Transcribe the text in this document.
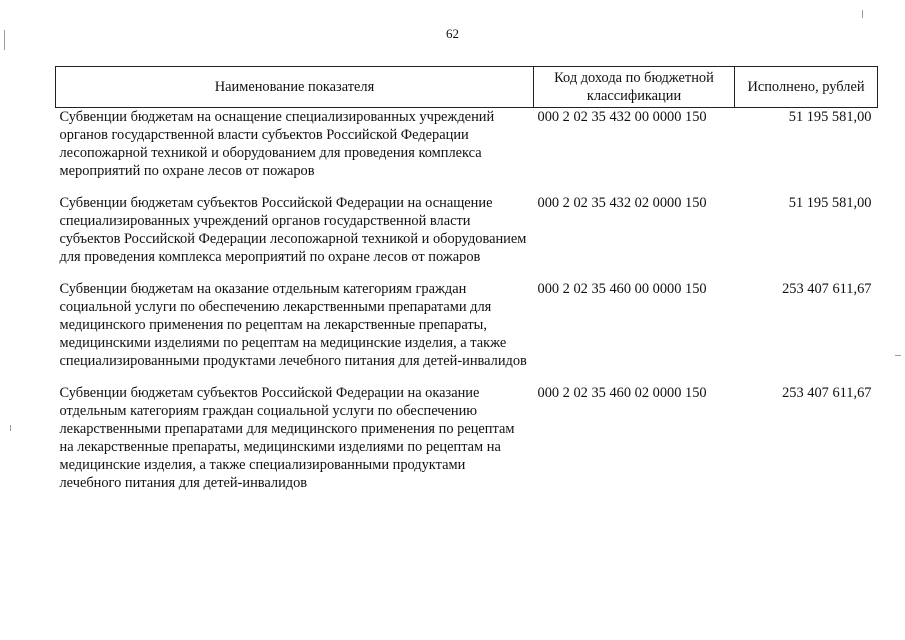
62
Наименование показателя	Код дохода по бюджетной классификации	Исполнено, рублей
Субвенции бюджетам на оснащение специализированных учреждений органов государственной власти субъектов Российской Федерации лесопожарной техникой и оборудованием для проведения комплекса мероприятий по охране лесов от пожаров	000 2 02 35 432 00 0000 150	51 195 581,00
Субвенции бюджетам субъектов Российской Федерации на оснащение специализированных учреждений органов государственной власти субъектов Российской Федерации лесопожарной техникой и оборудованием для проведения комплекса мероприятий по охране лесов от пожаров	000 2 02 35 432 02 0000 150	51 195 581,00
Субвенции бюджетам на оказание отдельным категориям граждан социальной услуги по обеспечению лекарственными препаратами для медицинского применения по рецептам на лекарственные препараты, медицинскими изделиями по рецептам на медицинские изделия, а также специализированными продуктами лечебного питания для детей-инвалидов	000 2 02 35 460 00 0000 150	253 407 611,67
Субвенции бюджетам субъектов Российской Федерации на оказание отдельным категориям граждан социальной услуги по обеспечению лекарственными препаратами для медицинского применения по рецептам на лекарственные препараты, медицинскими изделиями по рецептам на медицинские изделия, а также специализированными продуктами лечебного питания для детей-инвалидов	000 2 02 35 460 02 0000 150	253 407 611,67
